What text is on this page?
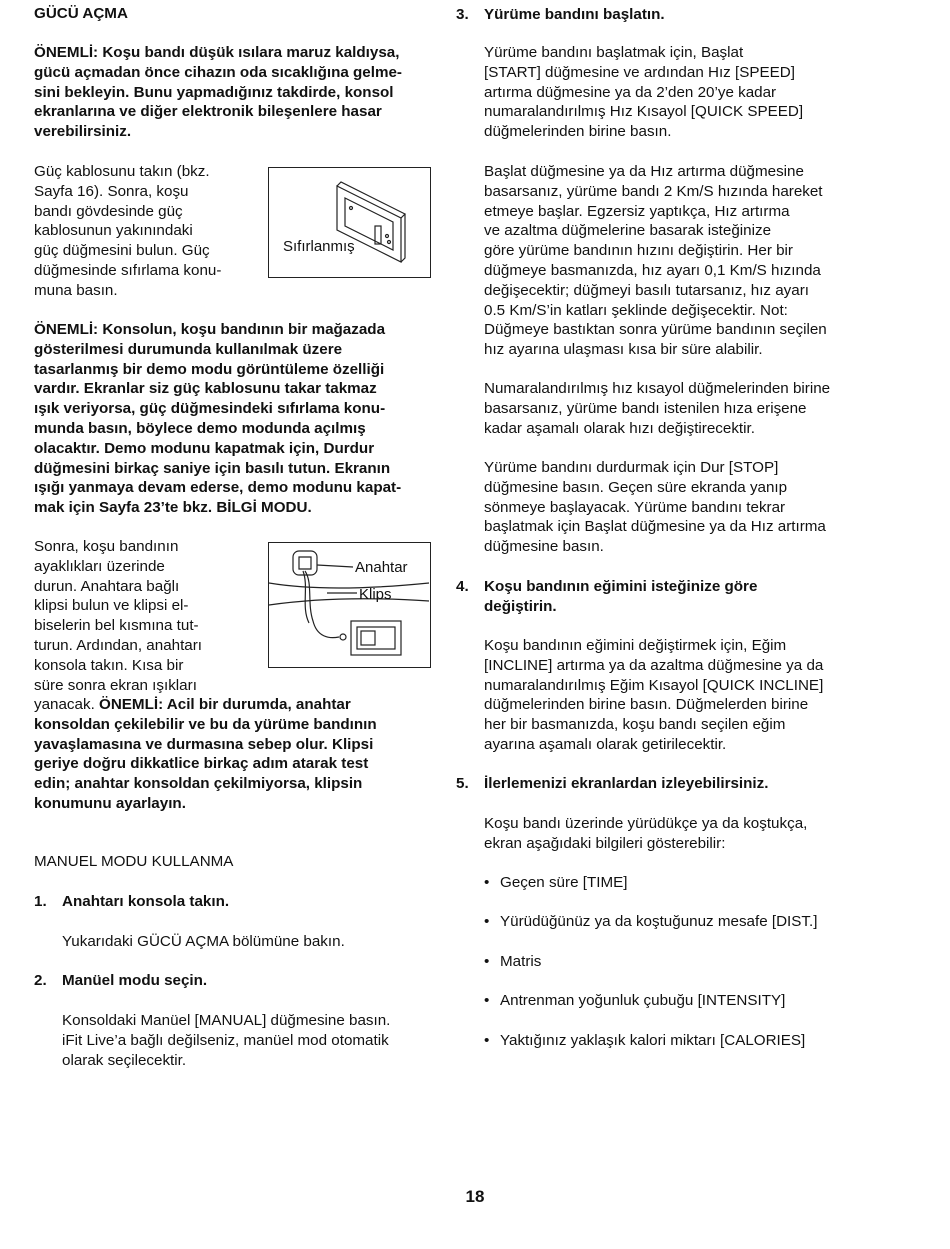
GÜCÜ AÇMA
ÖNEMLİ: Koşu bandı düşük ısılara maruz kaldıysa,
gücü açmadan önce cihazın oda sıcaklığına gelme-
sini bekleyin. Bunu yapmadığınız takdirde, konsol
ekranlarına ve diğer elektronik bileşenlere hasar
verebilirsiniz.
Güç kablosunu takın (bkz.
Sayfa 16). Sonra, koşu
bandı gövdesinde güç
kablosunun yakınındaki
güç düğmesini bulun. Güç
düğmesinde sıfırlama konu-
muna basın.
Sıfırlanmış
ÖNEMLİ: Konsolun, koşu bandının bir mağazada
gösterilmesi durumunda kullanılmak üzere
tasarlanmış bir demo modu görüntüleme özelliği
vardır. Ekranlar siz güç kablosunu takar takmaz
ışık veriyorsa, güç düğmesindeki sıfırlama konu-
munda basın, böylece demo modunda açılmış
olacaktır. Demo modunu kapatmak için, Durdur
düğmesini birkaç saniye için basılı tutun. Ekranın
ışığı yanmaya devam ederse, demo modunu kapat-
mak için Sayfa 23’te bkz. BİLGİ MODU.
Sonra, koşu bandının
ayaklıkları üzerinde
durun. Anahtara bağlı
klipsi bulun ve klipsi el-
biselerin bel kısmına tut-
turun. Ardından, anahtarı
konsola takın. Kısa bir
süre sonra ekran ışıkları
yanacak. ÖNEMLİ: Acil bir durumda, anahtar
konsoldan çekilebilir ve bu da yürüme bandının
yavaşlamasına ve durmasına sebep olur. Klipsi
geriye doğru dikkatlice birkaç adım atarak test
edin; anahtar konsoldan çekilmiyorsa, klipsin
konumunu ayarlayın.
Anahtar
Klips
MANUEL MODU KULLANMA
1. Anahtarı konsola takın.
Yukarıdaki GÜCÜ AÇMA bölümüne bakın.
2. Manüel modu seçin.
Konsoldaki Manüel [MANUAL] düğmesine basın.
iFit Live’a bağlı değilseniz, manüel mod otomatik
olarak seçilecektir.
3. Yürüme bandını başlatın.
Yürüme bandını başlatmak için, Başlat
[START] düğmesine ve ardından Hız [SPEED]
artırma düğmesine ya da 2’den 20’ye kadar
numaralandırılmış Hız Kısayol [QUICK SPEED]
düğmelerinden birine basın.
Başlat düğmesine ya da Hız artırma düğmesine
basarsanız, yürüme bandı 2 Km/S hızında hareket
etmeye başlar. Egzersiz yaptıkça, Hız artırma
ve azaltma düğmelerine basarak isteğinize
göre yürüme bandının hızını değiştirin. Her bir
düğmeye basmanızda, hız ayarı 0,1 Km/S hızında
değişecektir; düğmeyi basılı tutarsanız, hız ayarı
0.5 Km/S’in katları şeklinde değişecektir. Not:
Düğmeye bastıktan sonra yürüme bandının seçilen
hız ayarına ulaşması kısa bir süre alabilir.
Numaralandırılmış hız kısayol düğmelerinden birine
basarsanız, yürüme bandı istenilen hıza erişene
kadar aşamalı olarak hızı değiştirecektir.
Yürüme bandını durdurmak için Dur [STOP]
düğmesine basın. Geçen süre ekranda yanıp
sönmeye başlayacak. Yürüme bandını tekrar
başlatmak için Başlat düğmesine ya da Hız artırma
düğmesine basın.
4. Koşu bandının eğimini isteğinize göre
değiştirin.
Koşu bandının eğimini değiştirmek için, Eğim
[INCLINE] artırma ya da azaltma düğmesine ya da
numaralandırılmış Eğim Kısayol [QUICK INCLINE]
düğmelerinden birine basın. Düğmelerden birine
her bir basmanızda, koşu bandı seçilen eğim
ayarına aşamalı olarak getirilecektir.
5. İlerlemenizi ekranlardan izleyebilirsiniz.
Koşu bandı üzerinde yürüdükçe ya da koştukça,
ekran aşağıdaki bilgileri gösterebilir:
• Geçen süre [TIME]
• Yürüdüğünüz ya da koştuğunuz mesafe [DIST.]
• Matris
• Antrenman yoğunluk çubuğu [INTENSITY]
• Yaktığınız yaklaşık kalori miktarı [CALORIES]
18
